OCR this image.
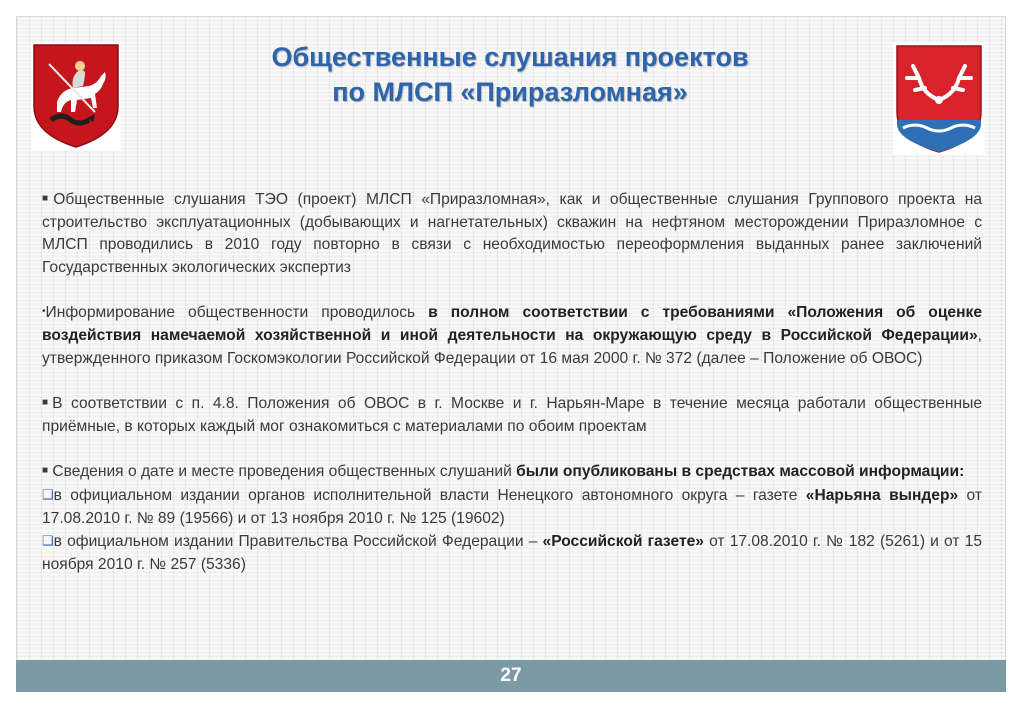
Общественные слушания проектов
по МЛСП «Приразломная»

■Общественные слушания ТЭО (проект) МЛСП «Приразломная», как и общественные слушания Группового проекта на строительство эксплуатационных (добывающих и нагнетательных) скважин на нефтяном месторождении Приразломное с МЛСП проводились в 2010 году повторно в связи с необходимостью переоформления выданных ранее заключений Государственных экологических экспертиз

•Информирование общественности проводилось в полном соответствии с требованиями «Положения об оценке воздействия намечаемой хозяйственной и иной деятельности на окружающую среду в Российской Федерации», утвержденного приказом Госкомэкологии Российской Федерации от 16 мая 2000 г. № 372 (далее – Положение об ОВОС)

■В соответствии с п. 4.8. Положения об ОВОС в г. Москве и г. Нарьян-Маре в течение месяца работали общественные приёмные, в которых каждый мог ознакомиться с материалами по обоим проектам

■ Сведения о дате и месте проведения общественных слушаний были опубликованы в средствах массовой информации:

❑в официальном издании органов исполнительной власти Ненецкого автономного округа – газете «Нарьяна вындер» от 17.08.2010 г. № 89 (19566) и от 13 ноября 2010 г. № 125 (19602)

❑в официальном издании Правительства Российской Федерации – «Российской газете» от 17.08.2010 г. № 182 (5261) и от 15 ноября 2010 г. № 257 (5336)

27
